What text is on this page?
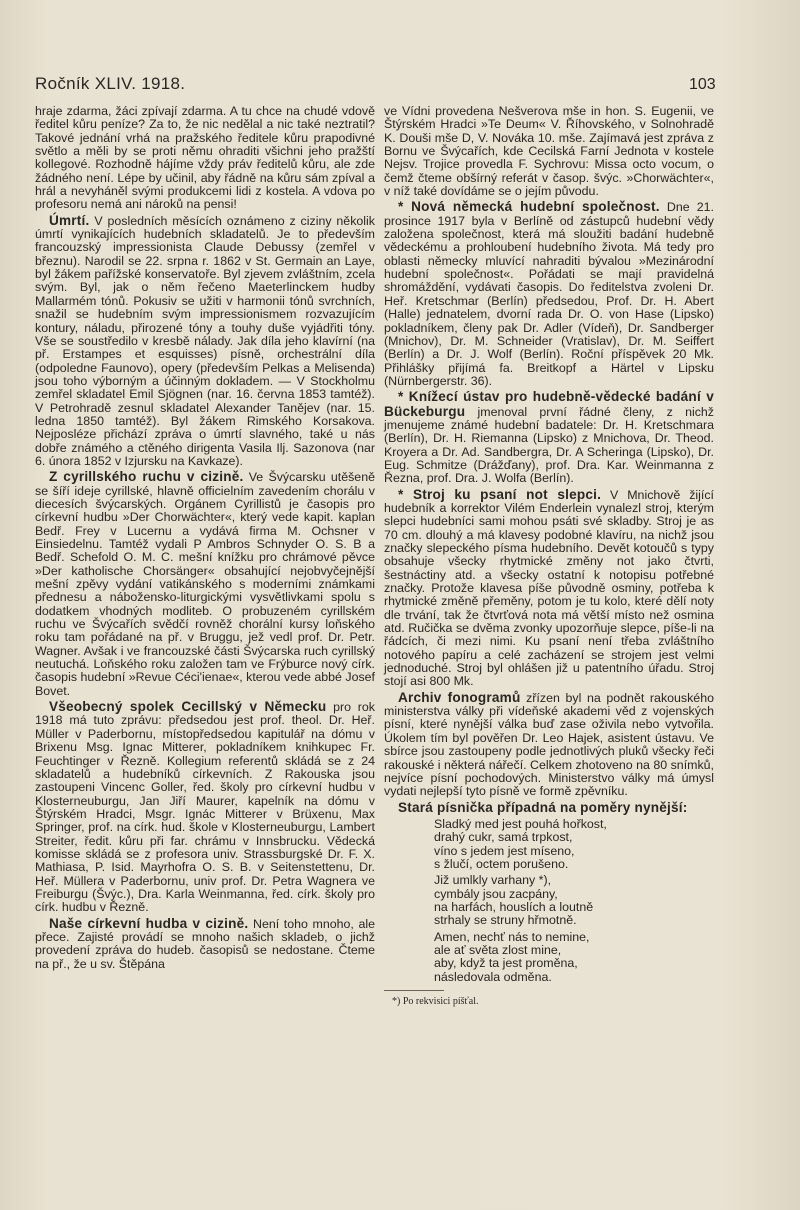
Ročník XLIV. 1918.	103

hraje zdarma, žáci zpívají zdarma. A tu chce na chudé vdově ředitel kůru peníze? Za to, že nic nedělal a nic také neztratil? Takové jednání vrhá na pražského ředitele kůru prapodivné světlo a měli by se proti němu ohraditi všichni jeho pražští kollegové. Rozhodně hájíme vždy práv ředitelů kůru, ale zde žádného není. Lépe by učinil, aby řádně na kůru sám zpíval a hrál a nevyháněl svými produkcemi lidi z kostela. A vdova po profesoru nemá ani nároků na pensi!

Úmrtí. V posledních měsících oznámeno z ciziny několik úmrtí vynikajících hudebních skladatelů. Je to především francouzský impressionista Claude Debussy (zemřel v březnu). Narodil se 22. srpna r. 1862 v St. Germain an Laye, byl žákem pařížské konservatoře. Byl zjevem zvláštním, zcela svým. Byl, jak o něm řečeno Maeterlinckem hudby Mallarmém tónů. Pokusiv se užiti v harmonii tónů svrchních, snažil se hudebním svým impressionismem rozvazujícím kontury, náladu, přirozené tóny a touhy duše vyjádřiti tóny. Vše se soustředilo v kresbě nálady. Jak díla jeho klavírní (na př. Erstampes et esquisses) písně, orchestrální díla (odpoledne Faunovo), opery (především Pelkas a Melisenda) jsou toho výborným a účinným dokladem. — V Stockholmu zemřel skladatel Emil Sjögnen (nar. 16. června 1853 tamtéž). V Petrohradě zesnul skladatel Alexander Tanějev (nar. 15. ledna 1850 tamtéž). Byl žákem Rimského Korsakova. Nejposléze přichází zpráva o úmrtí slavného, také u nás dobře známého a ctěného dirigenta Vasila Ilj. Sazonova (nar 6. února 1852 v Izjursku na Kavkaze).

Z cyrillského ruchu v cizině. Ve Švýcarsku utěšeně se šíří ideje cyrillské, hlavně officielním zavedením chorálu v diecesích švýcarských. Orgánem Cyrillistů je časopis pro církevní hudbu »Der Chorwächter«, který vede kapit. kaplan Bedř. Frey v Lucernu a vydává firma M. Ochsner v Einsiedelnu. Tamtéž vydali P Ambros Schnyder O. S. B a Bedř. Schefold O. M. C. mešní knížku pro chrámové pěvce »Der katholische Chorsänger« obsahující nejobvyčejnější mešní zpěvy vydání vatikánského s moderními známkami přednesu a nábožensko-liturgickými vysvětlivkami spolu s dodatkem vhodných modliteb. O probuzeném cyrillském ruchu ve Švýcařích svědčí rovněž chorální kursy loňského roku tam pořádané na př. v Bruggu, jež vedl prof. Dr. Petr. Wagner. Avšak i ve francouzské části Švýcarska ruch cyrillský neutuchá. Loňského roku založen tam ve Frýburce nový círk. časopis hudební »Revue Céci'ienae«, kterou vede abbé Josef Bovet.

Všeobecný spolek Cecillský v Německu pro rok 1918 má tuto zprávu: předsedou jest prof. theol. Dr. Heř. Müller v Paderbornu, místopředsedou kapitulář na dómu v Brixenu Msg. Ignac Mitterer, pokladníkem knihkupec Fr. Feuchtinger v Řezně. Kollegium referentů skládá se z 24 skladatelů a hudebníků církevních. Z Rakouska jsou zastoupeni Vincenc Goller, řed. školy pro církevní hudbu v Klosterneuburgu, Jan Jiří Maurer, kapelník na dómu v Štýrském Hradci, Msgr. Ignác Mitterer v Brüxenu, Max Springer, prof. na círk. hud. škole v Klosterneuburgu, Lambert Streiter, ředit. kůru při far. chrámu v Innsbrucku. Vědecká komisse skládá se z profesora univ. Strassburgské Dr. F. X. Mathiasa, P. Isid. Mayrhofra O. S. B. v Seitenstettenu, Dr. Heř. Müllera v Paderbornu, univ prof. Dr. Petra Wagnera ve Freiburgu (Švýc.), Dra. Karla Weinmanna, řed. círk. školy pro círk. hudbu v Řezně.

Naše církevní hudba v cizině. Není toho mnoho, ale přece. Zajisté provádí se mnoho našich skladeb, o jichž provedení zpráva do hudeb. časopisů se nedostane. Čteme na př., že u sv. Štěpána

ve Vídni provedena Nešverova mše in hon. S. Eugenii, ve Štýrském Hradci »Te Deum« V. Říhovského, v Solnohradě K. Douši mše D, V. Nováka 10. mše. Zajímavá jest zpráva z Bornu ve Švýcařích, kde Cecilská Farní Jednota v kostele Nejsv. Trojice provedla F. Sychrovu: Missa octo vocum, o čemž čteme obšírný referát v časop. švýc. »Chorwächter«, v níž také dovídáme se o jejím původu.

* Nová německá hudební společnost. Dne 21. prosince 1917 byla v Berlíně od zástupců hudební vědy založena společnost, která má sloužiti badání hudebně vědeckému a prohloubení hudebního života. Má tedy pro oblasti německy mluvící nahraditi bývalou »Mezinárodní hudební společnost«. Pořádati se mají pravidelná shromáždění, vydávati časopis. Do ředitelstva zvoleni Dr. Heř. Kretschmar (Berlín) předsedou, Prof. Dr. H. Abert (Halle) jednatelem, dvorní rada Dr. O. von Hase (Lipsko) pokladníkem, členy pak Dr. Adler (Vídeň), Dr. Sandberger (Mnichov), Dr. M. Schneider (Vratislav), Dr. M. Seiffert (Berlín) a Dr. J. Wolf (Berlín). Roční příspěvek 20 Mk. Přihlášky přijímá fa. Breitkopf a Härtel v Lipsku (Nürnbergerstr. 36).

* Knížecí ústav pro hudebně-vědecké badání v Bückeburgu jmenoval první řádné členy, z nichž jmenujeme známé hudební badatele: Dr. H. Kretschmara (Berlín), Dr. H. Riemanna (Lipsko) z Mnichova, Dr. Theod. Kroyera a Dr. Ad. Sandbergra, Dr. A Scheringa (Lipsko), Dr. Eug. Schmitze (Drážďany), prof. Dra. Kar. Weinmanna z Řezna, prof. Dra. J. Wolfa (Berlín).

* Stroj ku psaní not slepci. V Mnichově žijící hudebník a korrektor Vilém Enderlein vynalezl stroj, kterým slepci hudebníci sami mohou psáti své skladby. Stroj je as 70 cm. dlouhý a má klavesy podobné klavíru, na nichž jsou značky slepeckého písma hudebního. Devět kotoučů s typy obsahuje všecky rhytmické změny not jako čtvrti, šestnáctiny atd. a všecky ostatní k notopisu potřebné značky. Protože klavesa píše původně osminy, potřeba k rhytmické změně přeměny, potom je tu kolo, které dělí noty dle trvání, tak že čtvrťová nota má větší místo než osmina atd. Ručička se dvěma zvonky upozorňuje slepce, píše-li na řádcích, či mezi nimi. Ku psaní není třeba zvláštního notového papíru a celé zacházení se strojem jest velmi jednoduché. Stroj byl ohlášen již u patentního úřadu. Stroj stojí asi 800 Mk.

Archiv fonogramů zřízen byl na podnět rakouského ministerstva války při vídeňské akademi věd z vojenských písní, které nynější válka buď zase oživila nebo vytvořila. Úkolem tím byl pověřen Dr. Leo Hajek, asistent ústavu. Ve sbírce jsou zastoupeny podle jednotlivých pluků všecky řeči rakouské i některá nářečí. Celkem zhotoveno na 80 snímků, nejvíce písní pochodových. Ministerstvo války má úmysl vydati nejlepší tyto písně ve formě zpěvníku.

Stará písnička případná na poměry nynější:

Sladký med jest pouhá hořkost,
drahý cukr, samá trpkost,
víno s jedem jest míseno,
s žlučí, octem porušeno.
Již umlkly varhany *),
cymbály jsou zacpány,
na harfách, houslích a loutně
strhaly se struny hřmotně.
Amen, nechť nás to nemine,
ale ať světa zlost mine,
aby, když ta jest proměna,
následovala odměna.
*) Po rekvisici píšťal.
